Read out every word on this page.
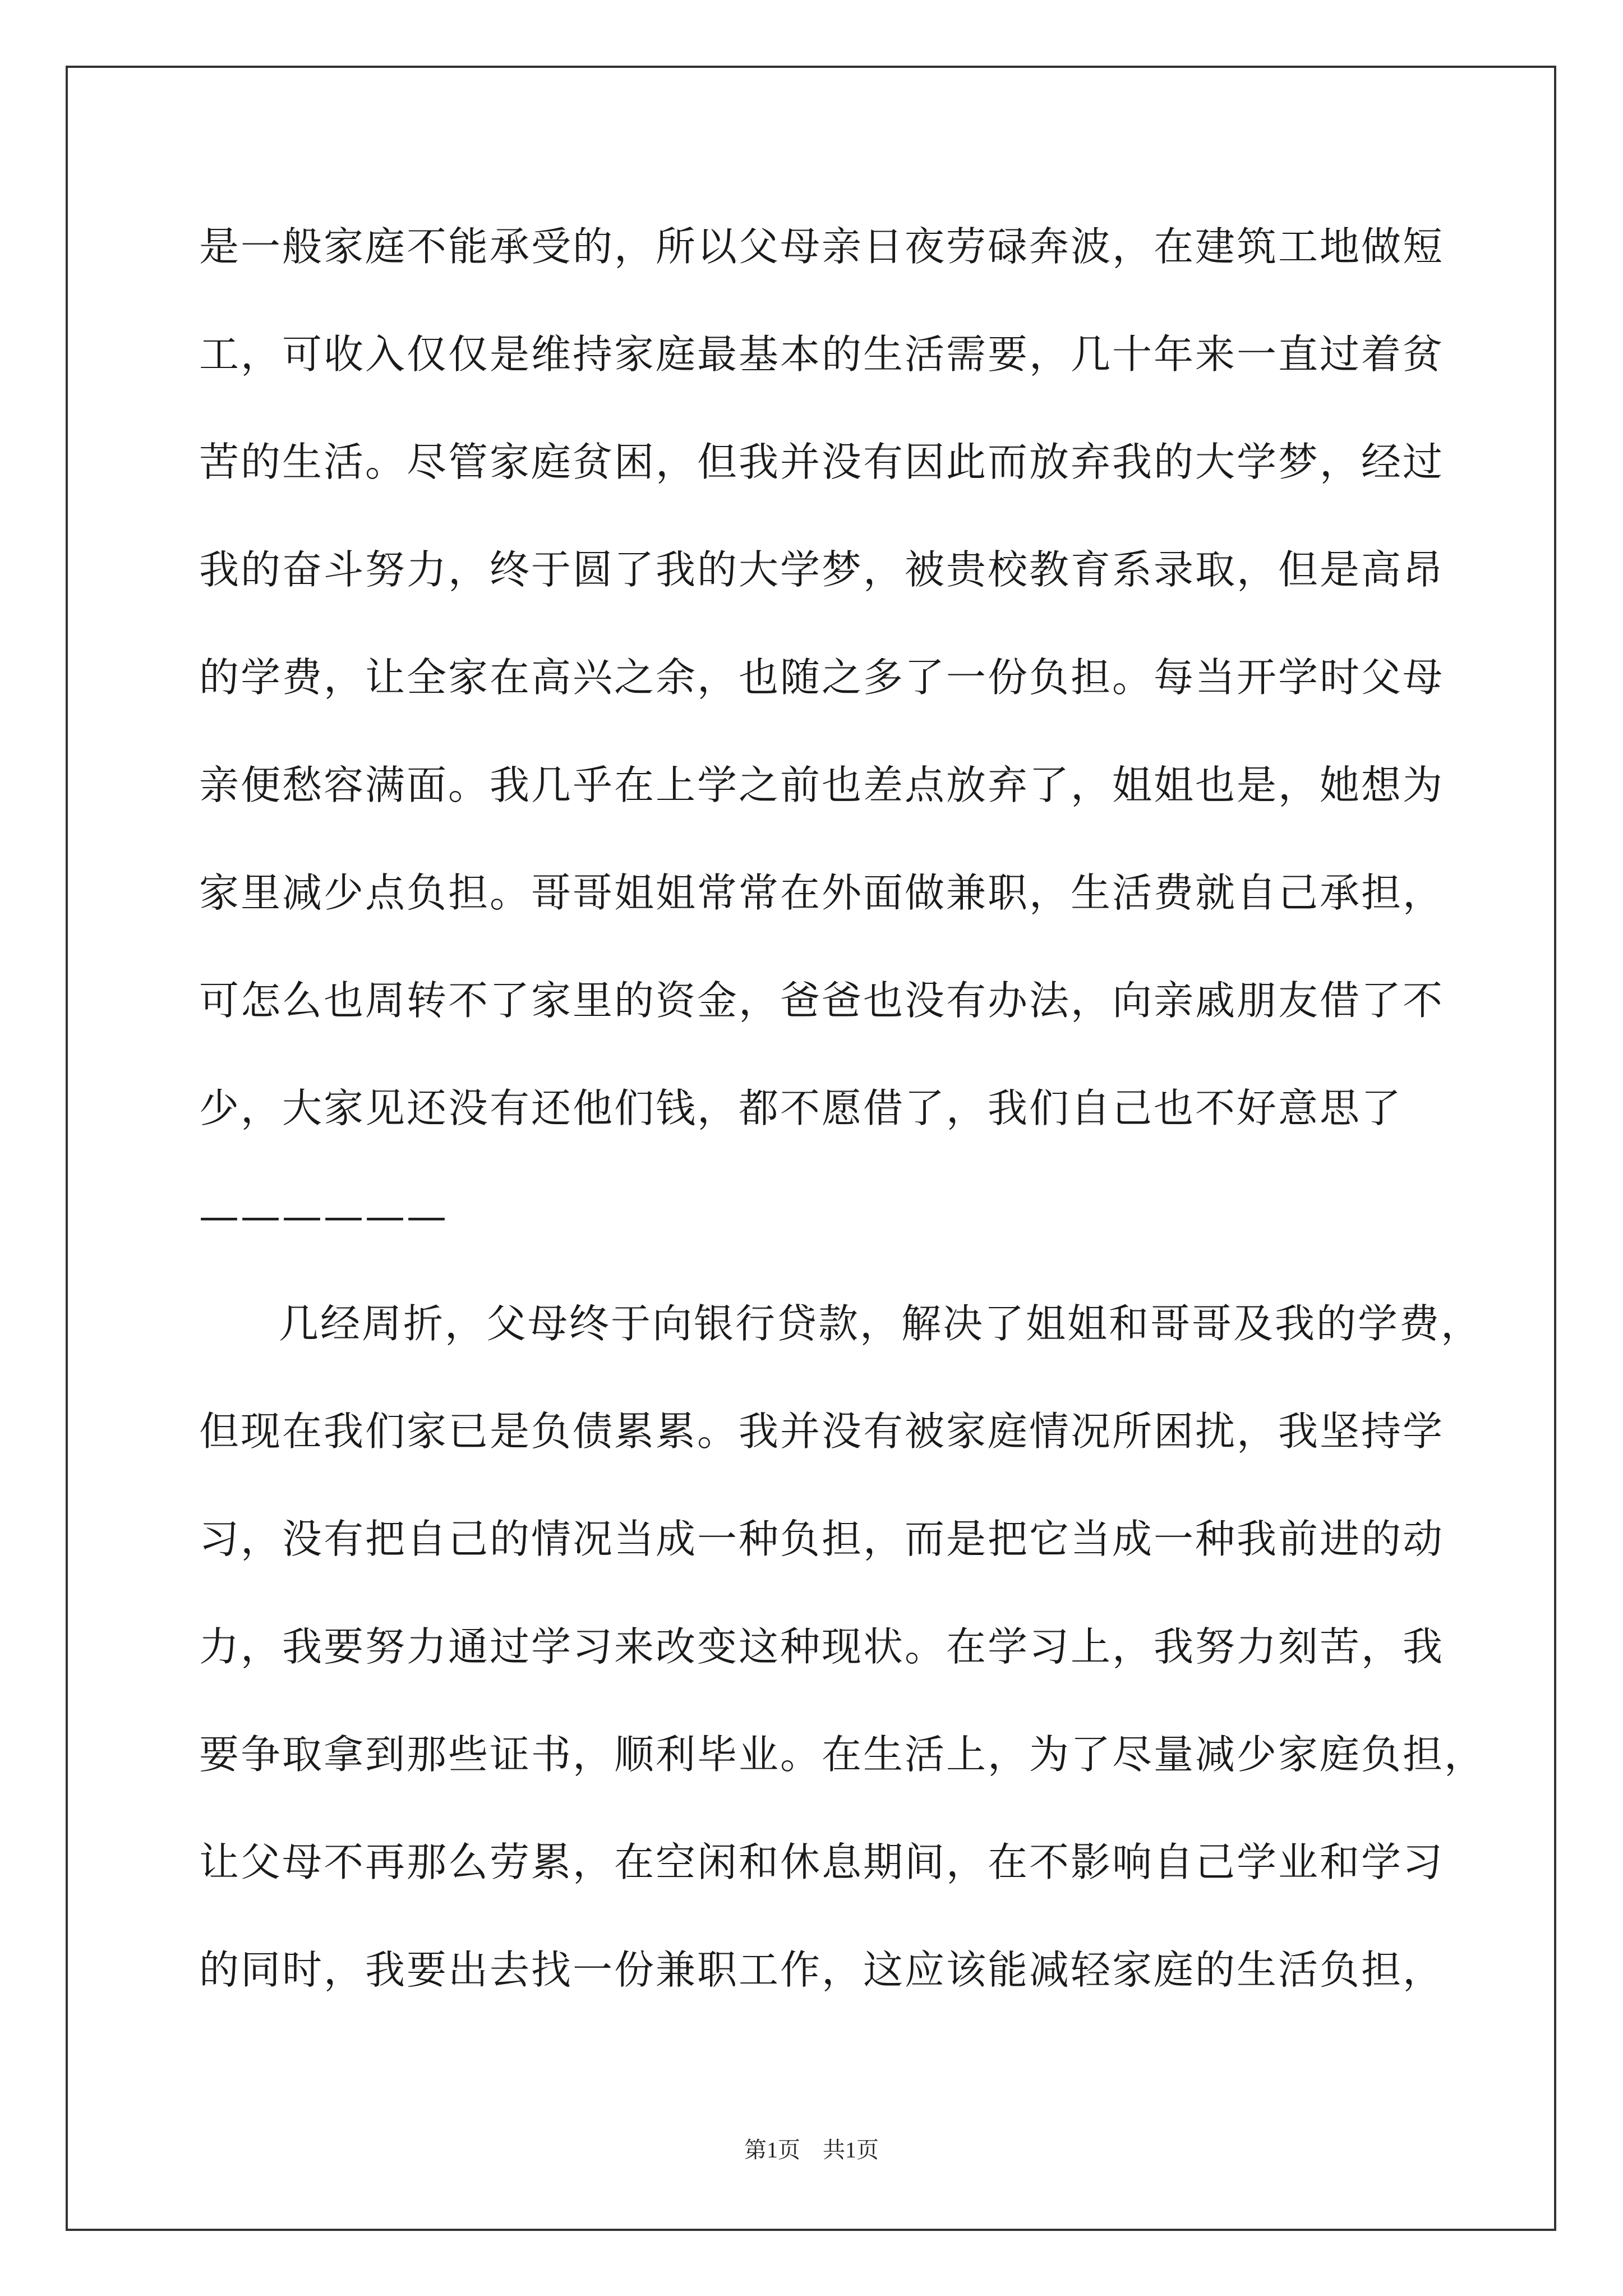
是一般家庭不能承受的，所以父母亲日夜劳碌奔波，在建筑工地做短
工，可收入仅仅是维持家庭最基本的生活需要，几十年来一直过着贫
苦的生活。尽管家庭贫困，但我并没有因此而放弃我的大学梦，经过
我的奋斗努力，终于圆了我的大学梦，被贵校教育系录取，但是高昂
的学费，让全家在高兴之余，也随之多了一份负担。每当开学时父母
亲便愁容满面。我几乎在上学之前也差点放弃了，姐姐也是，她想为
家里减少点负担。哥哥姐姐常常在外面做兼职，生活费就自己承担，
可怎么也周转不了家里的资金，爸爸也没有办法，向亲戚朋友借了不
少，大家见还没有还他们钱，都不愿借了，我们自己也不好意思了
——————
几经周折，父母终于向银行贷款，解决了姐姐和哥哥及我的学费，
但现在我们家已是负债累累。我并没有被家庭情况所困扰，我坚持学
习，没有把自己的情况当成一种负担，而是把它当成一种我前进的动
力，我要努力通过学习来改变这种现状。在学习上，我努力刻苦，我
要争取拿到那些证书，顺利毕业。在生活上，为了尽量减少家庭负担，
让父母不再那么劳累，在空闲和休息期间，在不影响自己学业和学习
的同时，我要出去找一份兼职工作，这应该能减轻家庭的生活负担，
第1页　共1页
